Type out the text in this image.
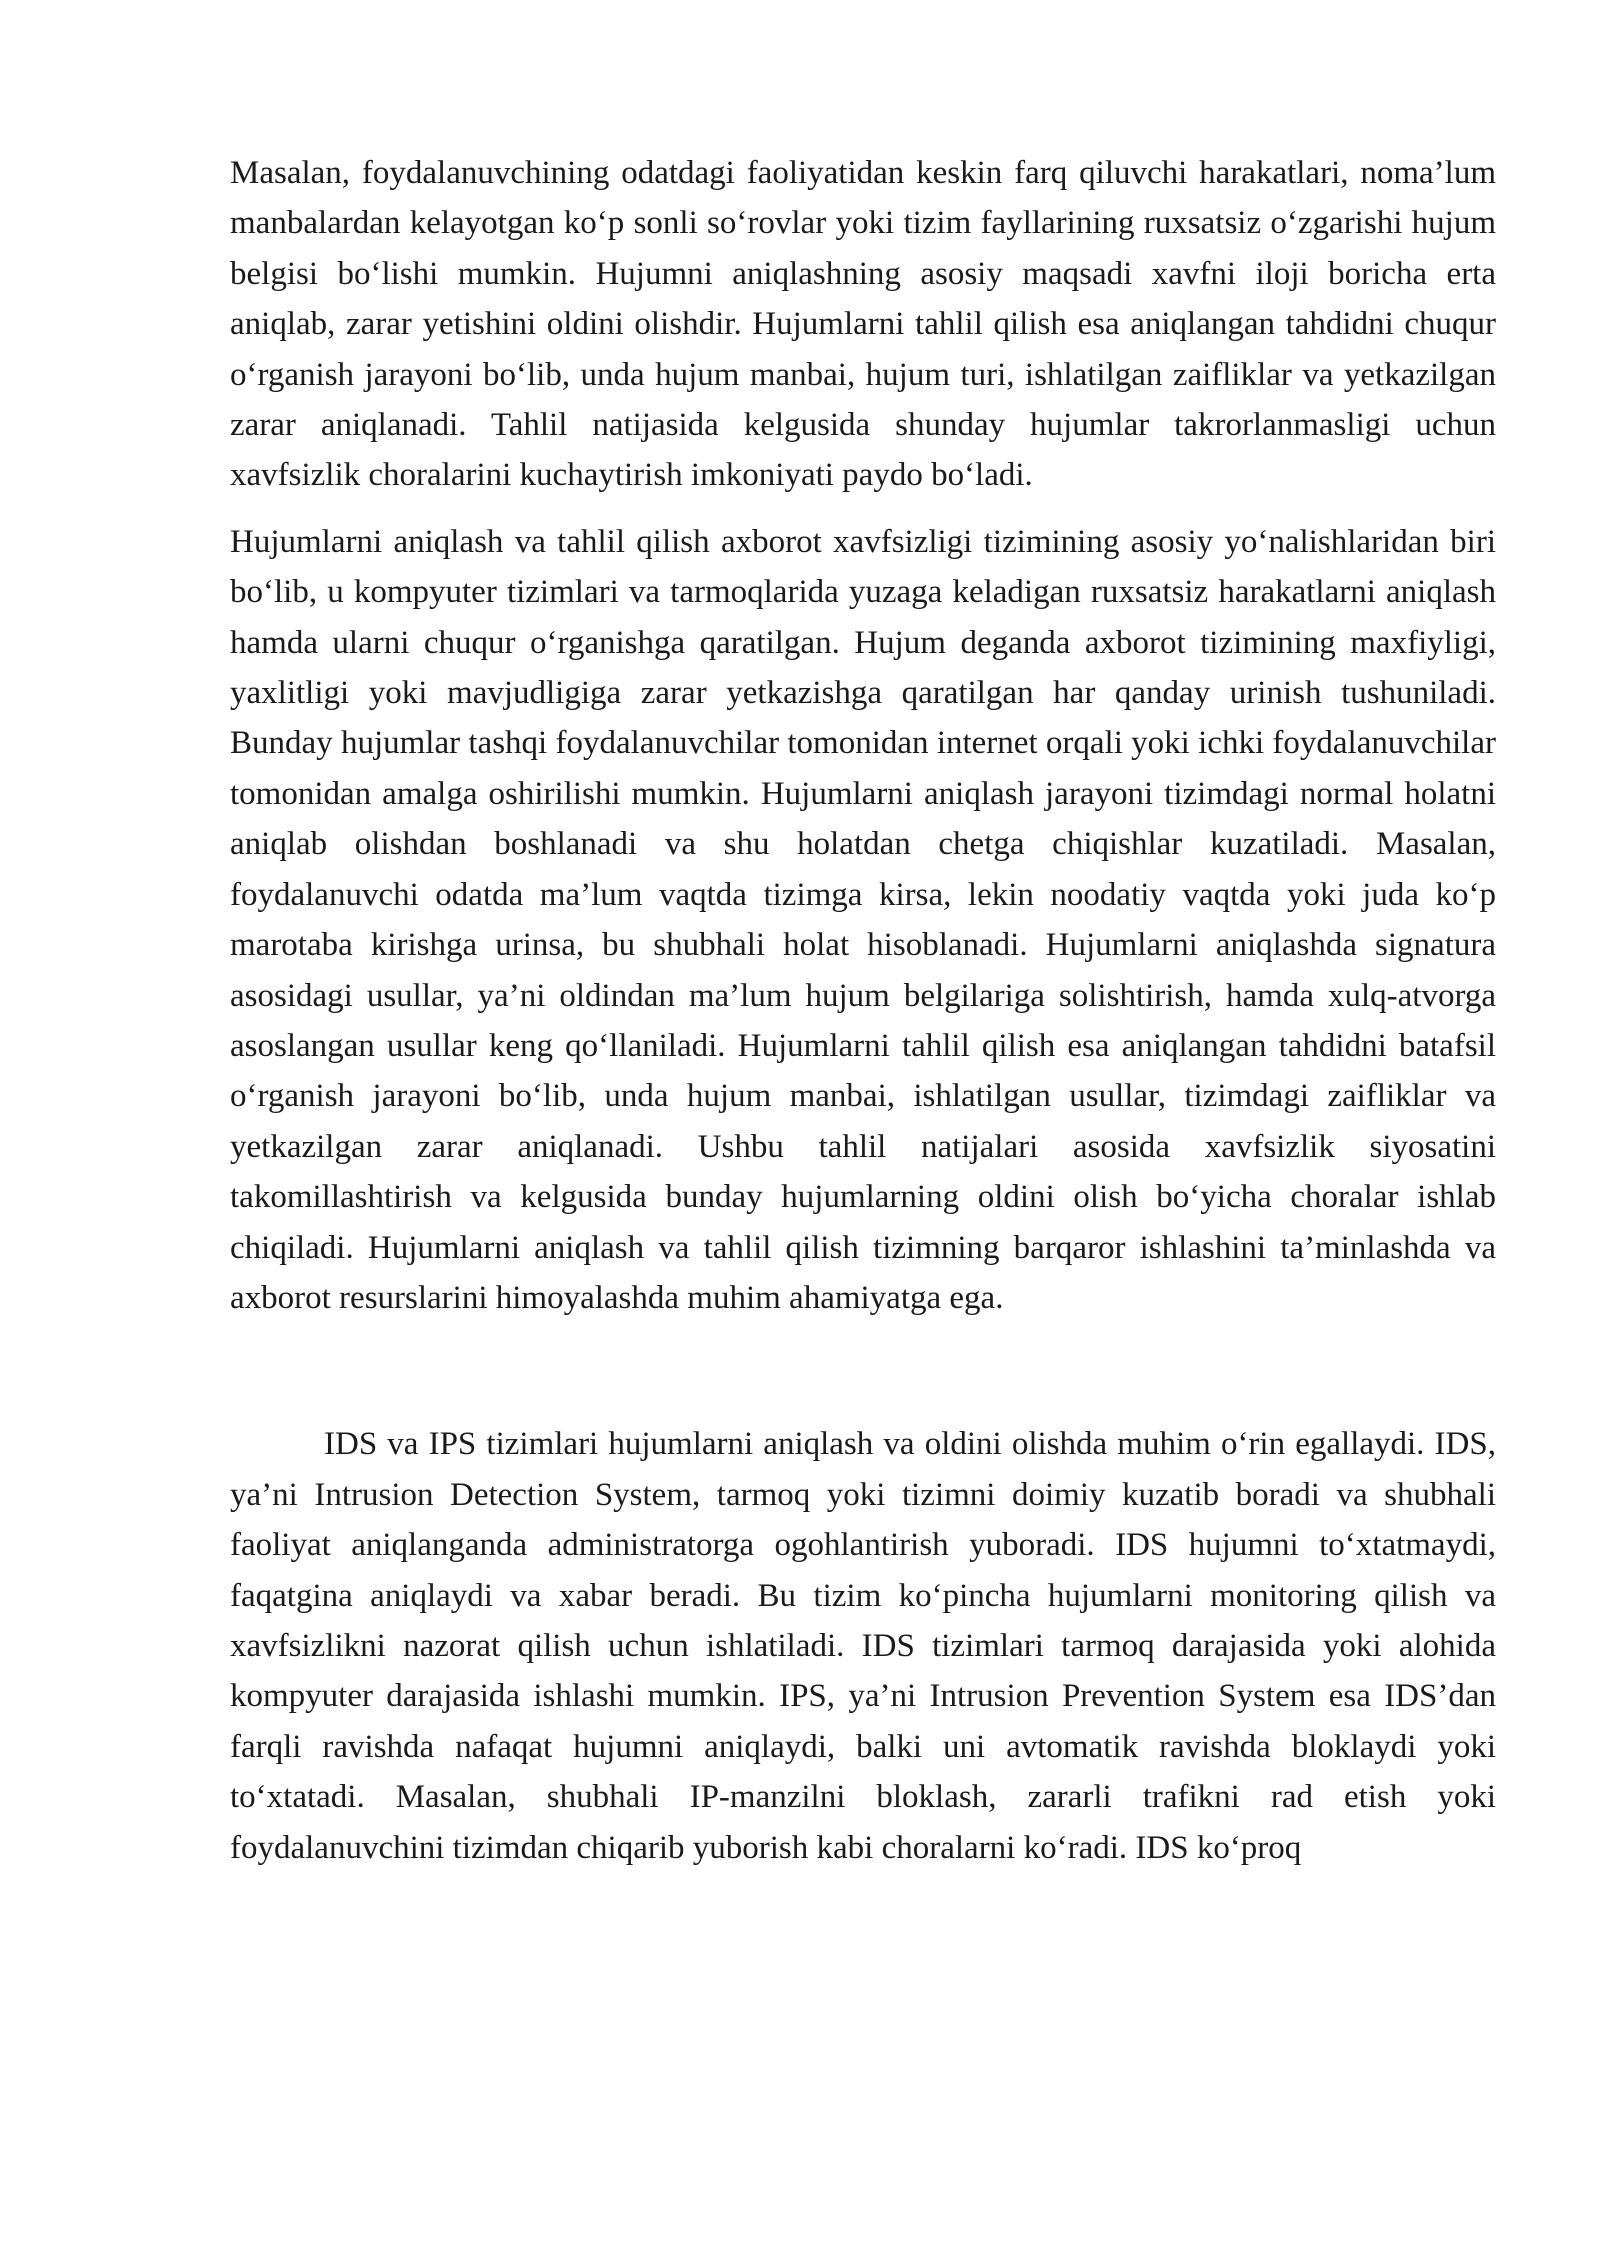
Masalan, foydalanuvchining odatdagi faoliyatidan keskin farq qiluvchi harakatlari, noma’lum manbalardan kelayotgan ko‘p sonli so‘rovlar yoki tizim fayllarining ruxsatsiz o‘zgarishi hujum belgisi bo‘lishi mumkin. Hujumni aniqlashning asosiy maqsadi xavfni iloji boricha erta aniqlab, zarar yetishini oldini olishdir. Hujumlarni tahlil qilish esa aniqlangan tahdidni chuqur o‘rganish jarayoni bo‘lib, unda hujum manbai, hujum turi, ishlatilgan zaifliklar va yetkazilgan zarar aniqlanadi. Tahlil natijasida kelgusida shunday hujumlar takrorlanmasligi uchun xavfsizlik choralarini kuchaytirish imkoniyati paydo bo‘ladi.

Hujumlarni aniqlash va tahlil qilish axborot xavfsizligi tizimining asosiy yo‘nalishlaridan biri bo‘lib, u kompyuter tizimlari va tarmoqlarida yuzaga keladigan ruxsatsiz harakatlarni aniqlash hamda ularni chuqur o‘rganishga qaratilgan. Hujum deganda axborot tizimining maxfiyligi, yaxlitligi yoki mavjudligiga zarar yetkazishga qaratilgan har qanday urinish tushuniladi. Bunday hujumlar tashqi foydalanuvchilar tomonidan internet orqali yoki ichki foydalanuvchilar tomonidan amalga oshirilishi mumkin. Hujumlarni aniqlash jarayoni tizimdagi normal holatni aniqlab olishdan boshlanadi va shu holatdan chetga chiqishlar kuzatiladi. Masalan, foydalanuvchi odatda ma’lum vaqtda tizimga kirsa, lekin noodatiy vaqtda yoki juda ko‘p marotaba kirishga urinsa, bu shubhali holat hisoblanadi. Hujumlarni aniqlashda signatura asosidagi usullar, ya’ni oldindan ma’lum hujum belgilariga solishtirish, hamda xulq-atvorga asoslangan usullar keng qo‘llaniladi. Hujumlarni tahlil qilish esa aniqlangan tahdidni batafsil o‘rganish jarayoni bo‘lib, unda hujum manbai, ishlatilgan usullar, tizimdagi zaifliklar va yetkazilgan zarar aniqlanadi. Ushbu tahlil natijalari asosida xavfsizlik siyosatini takomillashtirish va kelgusida bunday hujumlarning oldini olish bo‘yicha choralar ishlab chiqiladi. Hujumlarni aniqlash va tahlil qilish tizimning barqaror ishlashini ta’minlashda va axborot resurslarini himoyalashda muhim ahamiyatga ega.

IDS va IPS tizimlari hujumlarni aniqlash va oldini olishda muhim o‘rin egallaydi. IDS, ya’ni Intrusion Detection System, tarmoq yoki tizimni doimiy kuzatib boradi va shubhali faoliyat aniqlanganda administratorga ogohlantirish yuboradi. IDS hujumni to‘xtatmaydi, faqatgina aniqlaydi va xabar beradi. Bu tizim ko‘pincha hujumlarni monitoring qilish va xavfsizlikni nazorat qilish uchun ishlatiladi. IDS tizimlari tarmoq darajasida yoki alohida kompyuter darajasida ishlashi mumkin. IPS, ya’ni Intrusion Prevention System esa IDS’dan farqli ravishda nafaqat hujumni aniqlaydi, balki uni avtomatik ravishda bloklaydi yoki to‘xtatadi. Masalan, shubhali IP-manzilni bloklash, zararli trafikni rad etish yoki foydalanuvchini tizimdan chiqarib yuborish kabi choralarni ko‘radi. IDS ko‘proq
